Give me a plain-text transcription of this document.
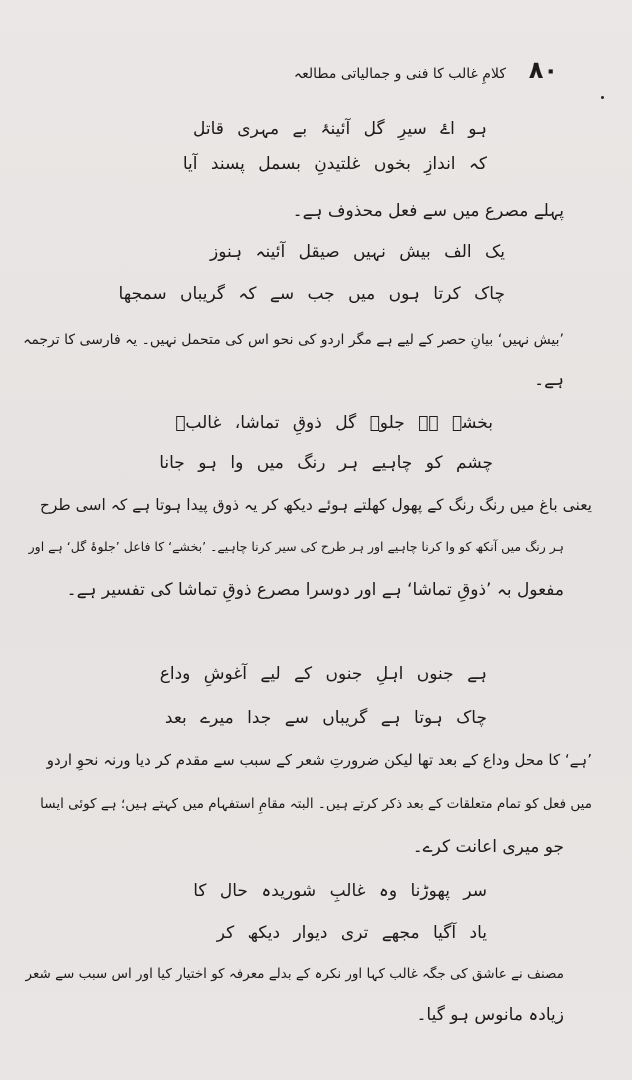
۸۰
کلامِ غالب کا فنی و جمالیاتی مطالعہ
ہو اۓ سیرِ گل آئینۂ بے مہری قاتل
کہ اندازِ بخوں غلتیدنِ بسمل پسند آیا
پہلے مصرع میں سے فعل محذوف ہے۔
یک الف بیش نہیں صیقل آئینہ ہنوز
چاک کرتا ہوں میں جب سے کہ گریباں سمجھا
’بیش نہیں‘ بیانِ حصر کے لیے ہے مگر اردو کی نحو اس کی متحمل نہیں۔ یہ فارسی کا ترجمہ
ہے۔
بخشے ہے جلوۂ گل ذوقِ تماشا، غالبؔ
چشم کو چاہیے ہر رنگ میں وا ہو جانا
یعنی باغ میں رنگ رنگ کے پھول کھلتے ہوئے دیکھ کر یہ ذوق پیدا ہوتا ہے کہ اسی طرح
ہر رنگ میں آنکھ کو وا کرنا چاہیے اور ہر طرح کی سیر کرنا چاہیے۔ ’بخشے‘ کا فاعل ’جلوۂ گل‘ ہے اور
مفعول بہ ’ذوقِ تماشا‘ ہے اور دوسرا مصرع ذوقِ تماشا کی تفسیر ہے۔
ہے جنوں اہلِ جنوں کے لیے آغوشِ وداع
چاک ہوتا ہے گریباں سے جدا میرے بعد
’ہے‘ کا محل وداع کے بعد تھا لیکن ضرورتِ شعر کے سبب سے مقدم کر دیا ورنہ نحوِ اردو
میں فعل کو تمام متعلقات کے بعد ذکر کرتے ہیں۔ البتہ مقامِ استفہام میں کہتے ہیں؛ ہے کوئی ایسا
جو میری اعانت کرے۔
سر پھوڑنا وہ غالبِ شوریدہ حال کا
یاد آگیا مجھے تری دیوار دیکھ کر
مصنف نے عاشق کی جگہ غالب کہا اور نکرہ کے بدلے معرفہ کو اختیار کیا اور اس سبب سے شعر
زیادہ مانوس ہو گیا۔
